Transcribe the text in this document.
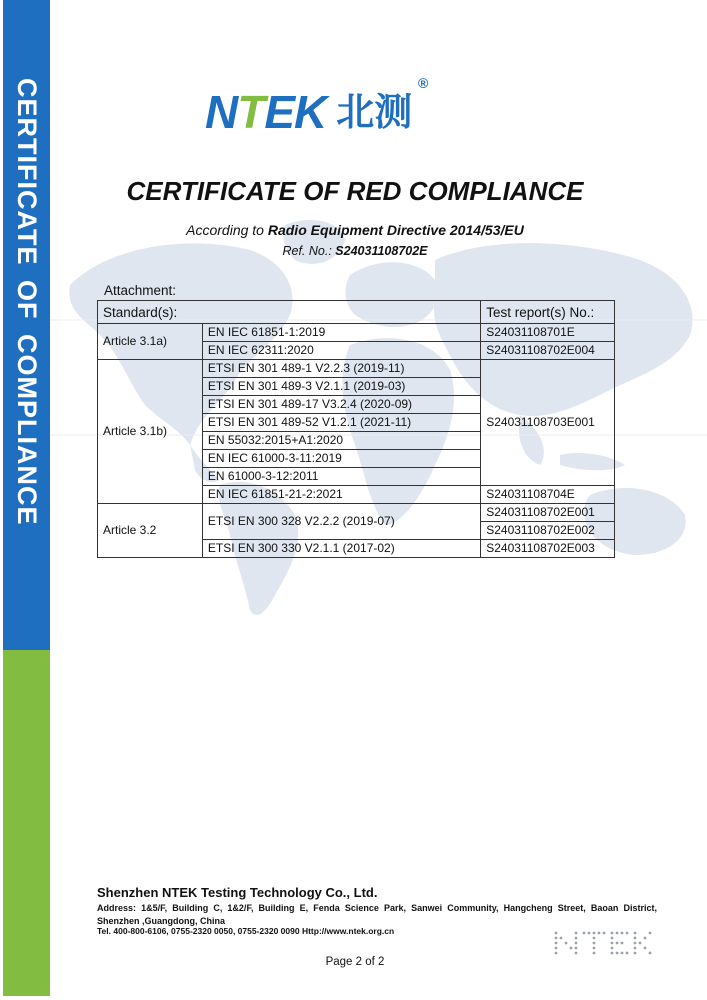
CERTIFICATE OF COMPLIANCE	NTEK 北测
®
CERTIFICATE OF RED COMPLIANCE
According to Radio Equipment Directive 2014/53/EU
Ref. No.: S24031108702E
Attachment:
Standard(s):		Test report(s) No.:
Article 3.1a)	EN IEC 61851-1:2019	S24031108701E
	EN IEC 62311:2020	S24031108702E004
Article 3.1b)	ETSI EN 301 489-1 V2.2.3 (2019-11)	S24031108703E001
	ETSI EN 301 489-3 V2.1.1 (2019-03)	
	ETSI EN 301 489-17 V3.2.4 (2020-09)	
	ETSI EN 301 489-52 V1.2.1 (2021-11)	
	EN 55032:2015+A1:2020	
	EN IEC 61000-3-11:2019	
	EN 61000-3-12:2011	
	EN IEC 61851-21-2:2021	S24031108704E
Article 3.2	ETSI EN 300 328 V2.2.2 (2019-07)	S24031108702E001
		S24031108702E002
	ETSI EN 300 330 V2.1.1 (2017-02)	S24031108702E003
Shenzhen NTEK Testing Technology Co., Ltd.
Address: 1&5/F, Building C, 1&2/F, Building E, Fenda Science Park, Sanwei Community, Hangcheng Street, Baoan District, Shenzhen ,Guangdong, China
Tel. 400-800-6106, 0755-2320 0050, 0755-2320 0090 Http://www.ntek.org.cn
Page 2 of 2
